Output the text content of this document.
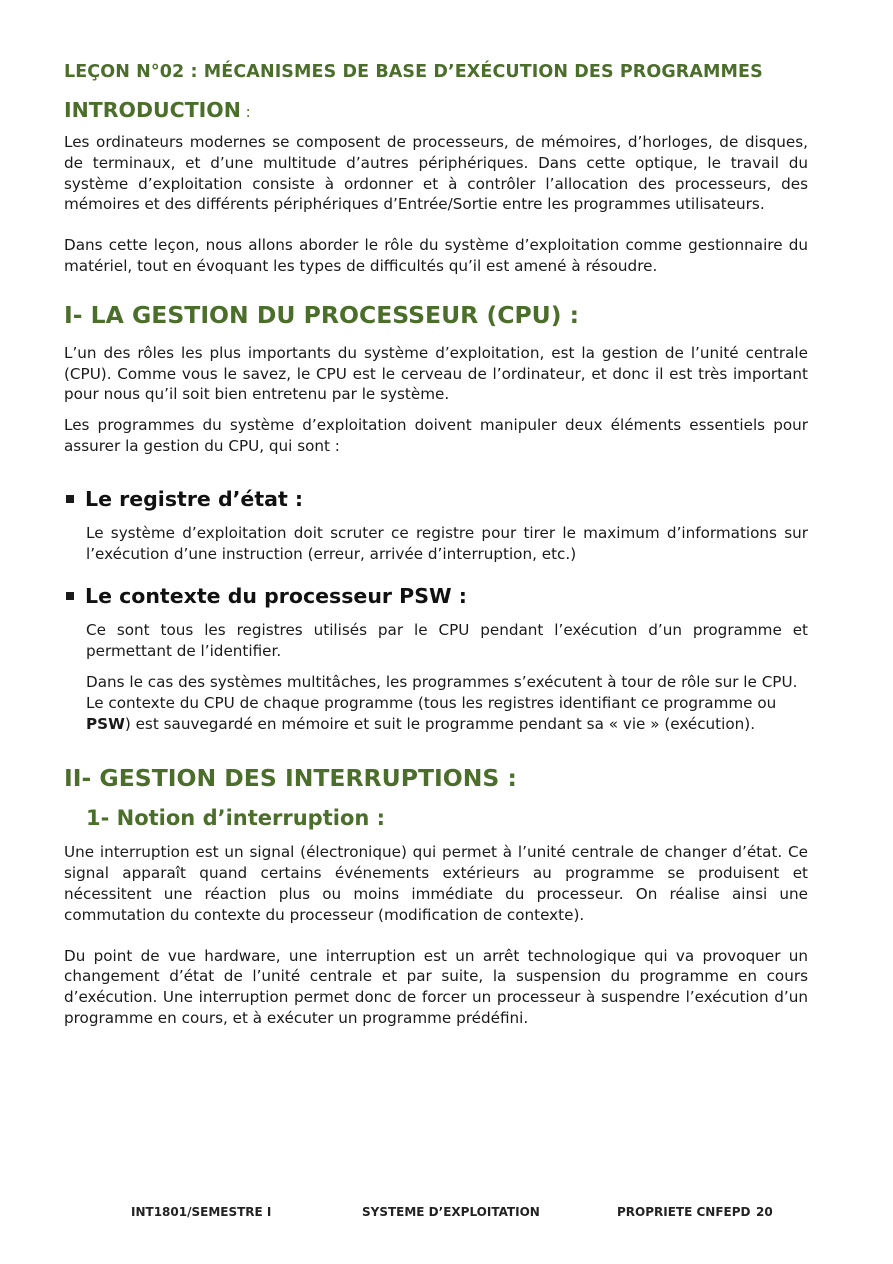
LEÇON N°02 : MÉCANISMES DE BASE D’EXÉCUTION DES PROGRAMMES
INTRODUCTION :

Les ordinateurs modernes se composent de processeurs, de mémoires, d’horloges, de disques, de terminaux, et d’une multitude d’autres périphériques. Dans cette optique, le travail du système d’exploitation consiste à ordonner et à contrôler l’allocation des processeurs, des mémoires et des différents périphériques d’Entrée/Sortie entre les programmes utilisateurs.

Dans cette leçon, nous allons aborder le rôle du système d’exploitation comme gestionnaire du matériel, tout en évoquant les types de difficultés qu’il est amené à résoudre.

I- LA GESTION DU PROCESSEUR (CPU) :

L’un des rôles les plus importants du système d’exploitation, est la gestion de l’unité centrale (CPU). Comme vous le savez, le CPU est le cerveau de l’ordinateur, et donc il est très important pour nous qu’il soit bien entretenu par le système.

Les programmes du système d’exploitation doivent manipuler deux éléments essentiels pour assurer la gestion du CPU, qui sont :

Le registre d’état :

Le système d’exploitation doit scruter ce registre pour tirer le maximum d’informations sur l’exécution d’une instruction (erreur, arrivée d’interruption, etc.)

Le contexte du processeur PSW :

Ce sont tous les registres utilisés par le CPU pendant l’exécution d’un programme et permettant de l’identifier.

Dans le cas des systèmes multitâches, les programmes s’exécutent à tour de rôle sur le CPU. Le contexte du CPU de chaque programme (tous les registres identifiant ce programme ou PSW) est sauvegardé en mémoire et suit le programme pendant sa « vie » (exécution).

II- GESTION DES INTERRUPTIONS :
1- Notion d’interruption :

Une interruption est un signal (électronique) qui permet à l’unité centrale de changer d’état. Ce signal apparaît quand certains événements extérieurs au programme se produisent et nécessitent une réaction plus ou moins immédiate du processeur. On réalise ainsi une commutation du contexte du processeur (modification de contexte).

Du point de vue hardware, une interruption est un arrêt technologique qui va provoquer un changement d’état de l’unité centrale et par suite, la suspension du programme en cours d’exécution. Une interruption permet donc de forcer un processeur à suspendre l’exécution d’un programme en cours, et à exécuter un programme prédéfini.

INT1801/SEMESTRE I	SYSTEME D’EXPLOITATION	PROPRIETE CNFEPD 20
